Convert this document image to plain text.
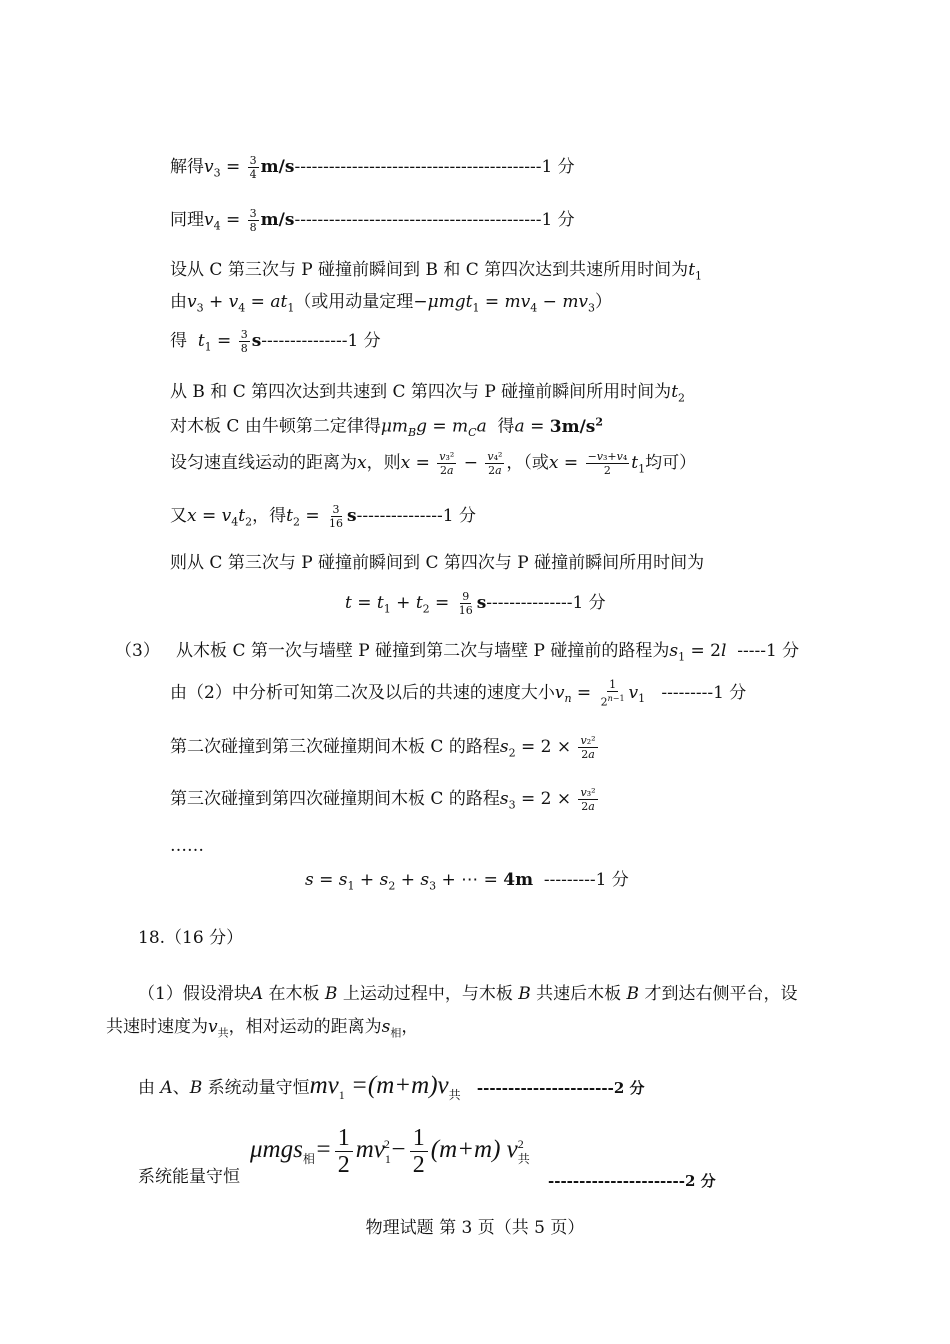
解得$v_3 = \frac{3}{4} m/s-------------------------------------------1$ 分
同理$v_4 = \frac{3}{8} m/s-------------------------------------------1$ 分
设从 C 第三次与 P 碰撞前瞬间到 B 和 C 第四次达到共速所用时间为$t_1$
由$v_3 + v_4 = at_1$（或用动量定理$-\mu mgt_1 = mv_4 - mv_3$）
得 $t_1 = \frac{3}{8} s---------------1$ 分
从 B 和 C 第四次达到共速到 C 第四次与 P 碰撞前瞬间所用时间为$t_2$
对木板 C 由牛顿第二定律得$\mu m_Bg = m_Ca$ 得$a = 3m/s^2$
设匀速直线运动的距离为x，则$x = \frac{\text{v₃²}}{2a} - \frac{\text{v₄²}}{2a}$ ，（或$x = \frac{\text{−v₃+v₄}}{2} t_1$均可）
又$x = v_4t_2$，得$t_2 = \frac{3}{16} s---------------1$ 分
则从 C 第三次与 P 碰撞前瞬间到 C 第四次与 P 碰撞前瞬间所用时间为
$t = t_1 + t_2 = \frac{9}{16} s---------------1$ 分
（3） 从木板 C 第一次与墙壁 P 碰撞到第二次与墙壁 P 碰撞前的路程为$s_1 = 2l$ -----1 分
由（2）中分析可知第二次及以后的共速的速度大小$v_n = \frac{1}{2^{n-1}} v_1$ ---------1 分
第二次碰撞到第三次碰撞期间木板 C 的路程$s_2 = 2 \times \frac{\text{v₂²}}{2a}$
第三次碰撞到第四次碰撞期间木板 C 的路程$s_3 = 2 \times \frac{\text{v₃²}}{2a}$
……
$s = s_1 + s_2 + s_3$ + ⋯ = 4m ---------1 分
18.（16 分）
（1）假设滑块A 在木板 B 上运动过程中，与木板 B 共速后木板 B 才到达右侧平台，设
共速时速度为$v_共$，相对运动的距离为$s_相$，
由 A、B 系统动量守恒$mv_1 =(m+m)v_共$ ----------------------2 分
系统能量守恒
$\mu mgs_相= \frac{1}{2} mv_1^2- \frac{1}{2} (m+m)$ $v_共^2$
----------------------2 分
物理试题 第 3 页（共 5 页）
